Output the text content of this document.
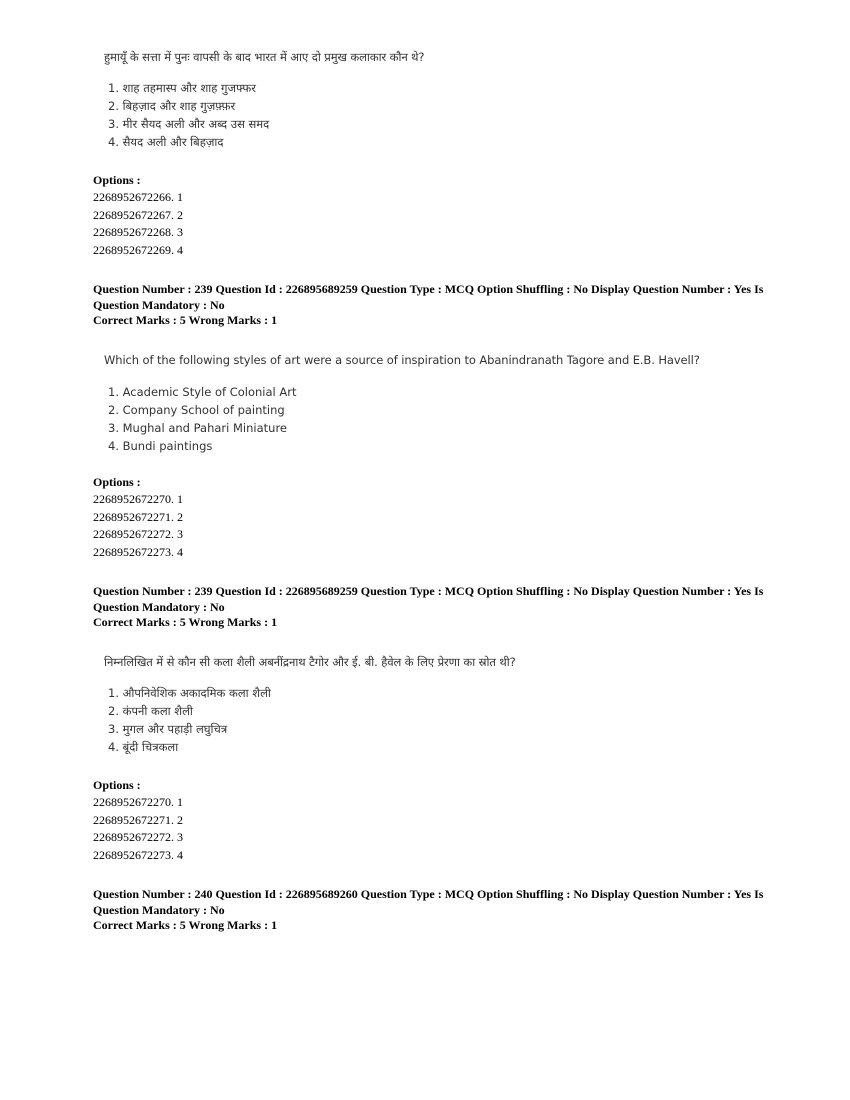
हुमायूँ के सत्ता में पुनः वापसी के बाद भारत में आए दो प्रमुख कलाकार कौन थे?
1. शाह तहमास्प और शाह गुजफ्फर
2. बिहज़ाद और शाह गुज़फ़्फ़र
3. मीर सैयद अली और अब्द उस समद
4. सैयद अली और बिहज़ाद
Options :
2268952672266. 1
2268952672267. 2
2268952672268. 3
2268952672269. 4
Question Number : 239 Question Id : 226895689259 Question Type : MCQ Option Shuffling : No Display Question Number : Yes Is
Question Mandatory : No
Correct Marks : 5 Wrong Marks : 1
Which of the following styles of art were a source of inspiration to Abanindranath Tagore and E.B. Havell?
1. Academic Style of Colonial Art
2. Company School of painting
3. Mughal and Pahari Miniature
4. Bundi paintings
Options :
2268952672270. 1
2268952672271. 2
2268952672272. 3
2268952672273. 4
Question Number : 239 Question Id : 226895689259 Question Type : MCQ Option Shuffling : No Display Question Number : Yes Is
Question Mandatory : No
Correct Marks : 5 Wrong Marks : 1
निम्नलिखित में से कौन सी कला शैली अबनींद्रनाथ टैगोर और ई. बी. हैवेल के लिए प्रेरणा का स्रोत थी?
1. औपनिवेशिक अकादमिक कला शैली
2. कंपनी कला शैली
3. मुगल और पहाड़ी लघुचित्र
4. बूंदी चित्रकला
Options :
2268952672270. 1
2268952672271. 2
2268952672272. 3
2268952672273. 4
Question Number : 240 Question Id : 226895689260 Question Type : MCQ Option Shuffling : No Display Question Number : Yes Is
Question Mandatory : No
Correct Marks : 5 Wrong Marks : 1
